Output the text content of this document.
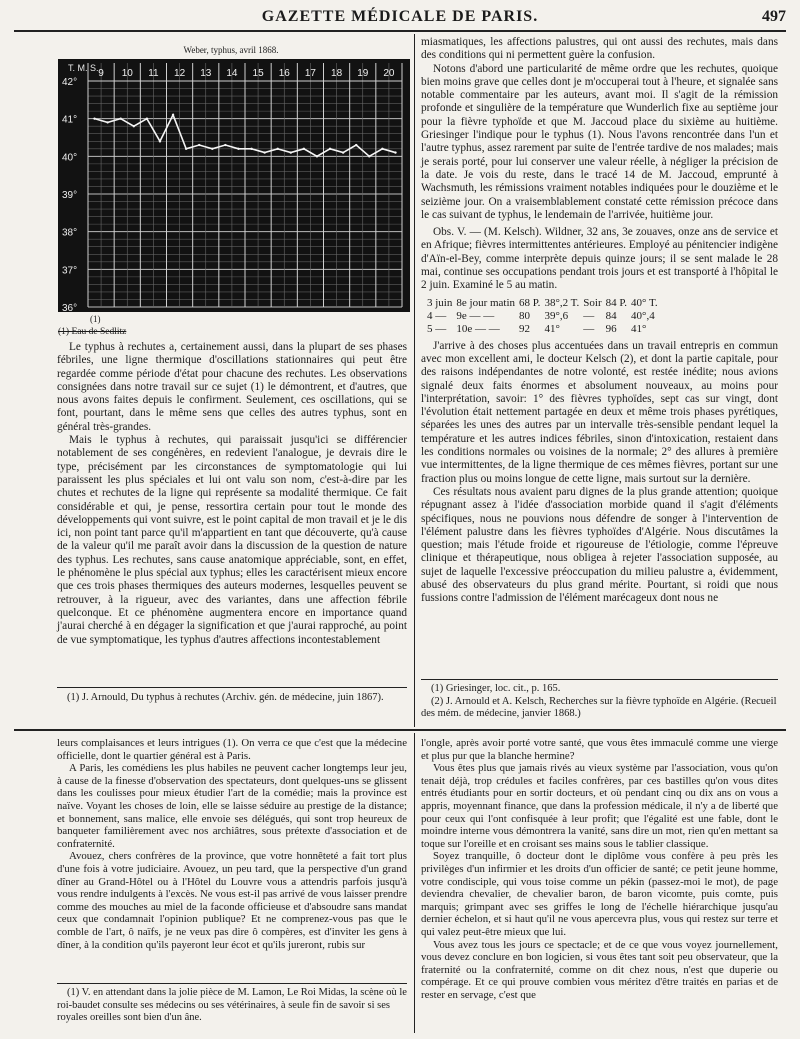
GAZETTE MÉDICALE DE PARIS.	497
Weber, typhus, avril 1868.
9 10 11 12 13 14 15 16 17 18 19 20
42°
41°
40°
39°
38°
37°
36°
T. M. S.
(1)
(1) Eau de Sedlitz

Le typhus à rechutes a, certainement aussi, dans la plupart de ses phases fébriles, une ligne thermique d'oscillations stationnaires qui peut être regardée comme période d'état pour chacune des rechutes. Les observations consignées dans notre travail sur ce sujet (1) le démontrent, et d'autres, que nous avons faites depuis le confirment. Seulement, ces oscillations, qui se font, pourtant, dans le même sens que celles des autres typhus, sont en général très-grandes.

Mais le typhus à rechutes, qui paraissait jusqu'ici se différencier notablement de ses congénères, en redevient l'analogue, je devrais dire le type, précisément par les circonstances de symptomatologie qui lui paraissent les plus spéciales et lui ont valu son nom, c'est-à-dire par les chutes et rechutes de la ligne qui représente sa modalité thermique. Ce fait considérable et qui, je pense, ressortira certain pour tout le monde des développements qui vont suivre, est le point capital de mon travail et je le dis ici, non point tant parce qu'il m'appartient en tant que découverte, qu'à cause de la valeur qu'il me paraît avoir dans la discussion de la question de nature des typhus. Les rechutes, sans cause anatomique appréciable, sont, en effet, le phénomène le plus spécial aux typhus; elles les caractérisent mieux encore que ces trois phases thermiques des auteurs modernes, lesquelles peuvent se retrouver, à la rigueur, avec des variantes, dans une affection fébrile quelconque. Et ce phénomène augmentera encore en importance quand j'aurai cherché à en dégager la signification et que j'aurai rapproché, au point de vue symptomatique, les typhus d'autres affections incontestablement

(1) J. Arnould, Du typhus à rechutes (Archiv. gén. de médecine, juin 1867).

miasmatiques, les affections palustres, qui ont aussi des rechutes, mais dans des conditions qui ni permettent guère la confusion.

Notons d'abord une particularité de même ordre que les rechutes, quoique bien moins grave que celles dont je m'occuperai tout à l'heure, et signalée sans notable commentaire par les auteurs, avant moi. Il s'agit de la rémission profonde et singulière de la température que Wunderlich fixe au septième jour pour la fièvre typhoïde et que M. Jaccoud place du sixième au huitième. Griesinger l'indique pour le typhus (1). Nous l'avons rencontrée dans l'un et l'autre typhus, assez rarement par suite de l'entrée tardive de nos malades; mais je serais porté, pour lui conserver une valeur réelle, à négliger la précision de la date. Je vois du reste, dans le tracé 14 de M. Jaccoud, emprunté à Wachsmuth, les rémissions vraiment notables indiquées pour le douzième et le seizième jour. On a vraisemblablement constaté cette rémission précoce dans le cas suivant de typhus, le lendemain de l'arrivée, huitième jour.

Obs. V. — (M. Kelsch). Wildner, 32 ans, 3e zouaves, onze ans de service et en Afrique; fièvres intermittentes antérieures. Employé au pénitencier indigène d'Aïn-el-Bey, comme interprète depuis quinze jours; il se sent malade le 28 mai, continue ses occupations pendant trois jours et est transporté à l'hôpital le 2 juin. Examiné le 5 au matin.

3 juin	8e jour matin	68 P.	38°,2 T.	Soir	84 P.	40° T.
4 —	9e — —	80	39°,6	—	84	40°,4
5 —	10e — —	92	41°	—	96	41°

J'arrive à des choses plus accentuées dans un travail entrepris en commun avec mon excellent ami, le docteur Kelsch (2), et dont la partie capitale, pour des raisons indépendantes de notre volonté, est restée inédite; nous avions signalé deux faits énormes et absolument nouveaux, au moins pour l'interprétation, savoir: 1° des fièvres typhoïdes, sept cas sur vingt, dont l'évolution était nettement partagée en deux et même trois phases pyrétiques, séparées les unes des autres par un intervalle très-sensible pendant lequel la température et les autres indices fébriles, sinon d'intoxication, restaient dans les conditions normales ou voisines de la normale; 2° des allures à première vue intermittentes, de la ligne thermique de ces mêmes fièvres, portant sur une fraction plus ou moins longue de cette ligne, mais surtout sur la dernière.

Ces résultats nous avaient paru dignes de la plus grande attention; quoique répugnant assez à l'idée d'association morbide quand il s'agit d'éléments spécifiques, nous ne pouvions nous défendre de songer à l'intervention de l'élément palustre dans les fièvres typhoïdes d'Algérie. Nous discutâmes la question; mais l'étude froide et rigoureuse de l'étiologie, comme l'épreuve clinique et thérapeutique, nous obligea à rejeter l'association supposée, au sujet de laquelle l'excessive préoccupation du milieu palustre a, évidemment, abusé des observateurs du plus grand mérite. Pourtant, si roidi que nous fussions contre l'admission de l'élément marécageux dont nous ne

(1) Griesinger, loc. cit., p. 165.

(2) J. Arnould et A. Kelsch, Recherches sur la fièvre typhoïde en Algérie. (Recueil des mém. de médecine, janvier 1868.)

leurs complaisances et leurs intrigues (1). On verra ce que c'est que la médecine officielle, dont le quartier général est à Paris.

A Paris, les comédiens les plus habiles ne peuvent cacher longtemps leur jeu, à cause de la finesse d'observation des spectateurs, dont quelques-uns se glissent dans les coulisses pour mieux étudier l'art de la comédie; mais la province est naïve. Voyant les choses de loin, elle se laisse séduire au prestige de la distance; et bonnement, sans malice, elle envoie ses délégués, qui sont trop heureux de banqueter familièrement avec nos archiâtres, sous prétexte d'association et de confraternité.

Avouez, chers confrères de la province, que votre honnêteté a fait tort plus d'une fois à votre judiciaire. Avouez, un peu tard, que la perspective d'un grand dîner au Grand-Hôtel ou à l'Hôtel du Louvre vous a attendris parfois jusqu'à vous rendre indulgents à l'excès. Ne vous est-il pas arrivé de vous laisser prendre comme des mouches au miel de la faconde officieuse et d'absoudre sans mandat ceux que condamnait l'opinion publique? Et ne comprenez-vous pas que le comble de l'art, ô naïfs, je ne veux pas dire ô compères, est d'inviter les gens à dîner, à la condition qu'ils payeront leur écot et qu'ils jureront, rubis sur

(1) V. en attendant dans la jolie pièce de M. Lamon, Le Roi Midas, la scène où le roi-baudet consulte ses médecins ou ses vétérinaires, à seule fin de savoir si ses royales oreilles sont bien d'un âne.

l'ongle, après avoir porté votre santé, que vous êtes immaculé comme une vierge et plus pur que la blanche hermine?

Vous êtes plus que jamais rivés au vieux système par l'association, vous qu'on tenait déjà, trop crédules et faciles confrères, par ces bastilles qu'on vous dites entrés étudiants pour en sortir docteurs, et où pendant cinq ou dix ans on vous a appris, moyennant finance, que dans la profession médicale, il n'y a de liberté que pour ceux qui l'ont confisquée à leur profit; que l'égalité est une fable, dont le moindre interne vous démontrera la vanité, sans dire un mot, rien qu'en mettant sa toque sur l'oreille et en croisant ses mains sous le tablier classique.

Soyez tranquille, ô docteur dont le diplôme vous confère à peu près les privilèges d'un infirmier et les droits d'un officier de santé; ce petit jeune homme, votre condisciple, qui vous toise comme un pékin (passez-moi le mot), de page deviendra chevalier, de chevalier baron, de baron vicomte, puis comte, puis marquis; grimpant avec ses griffes le long de l'échelle hiérarchique jusqu'au dernier échelon, et si haut qu'il ne vous apercevra plus, vous qui restez sur terre et qui valez peut-être mieux que lui.

Vous avez tous les jours ce spectacle; et de ce que vous voyez journellement, vous devez conclure en bon logicien, si vous êtes tant soit peu observateur, que la fraternité ou la confraternité, comme on dit chez nous, n'est que duperie ou compérage. Et ce qui prouve combien vous méritez d'être traités en parias et de rester en servage, c'est que
